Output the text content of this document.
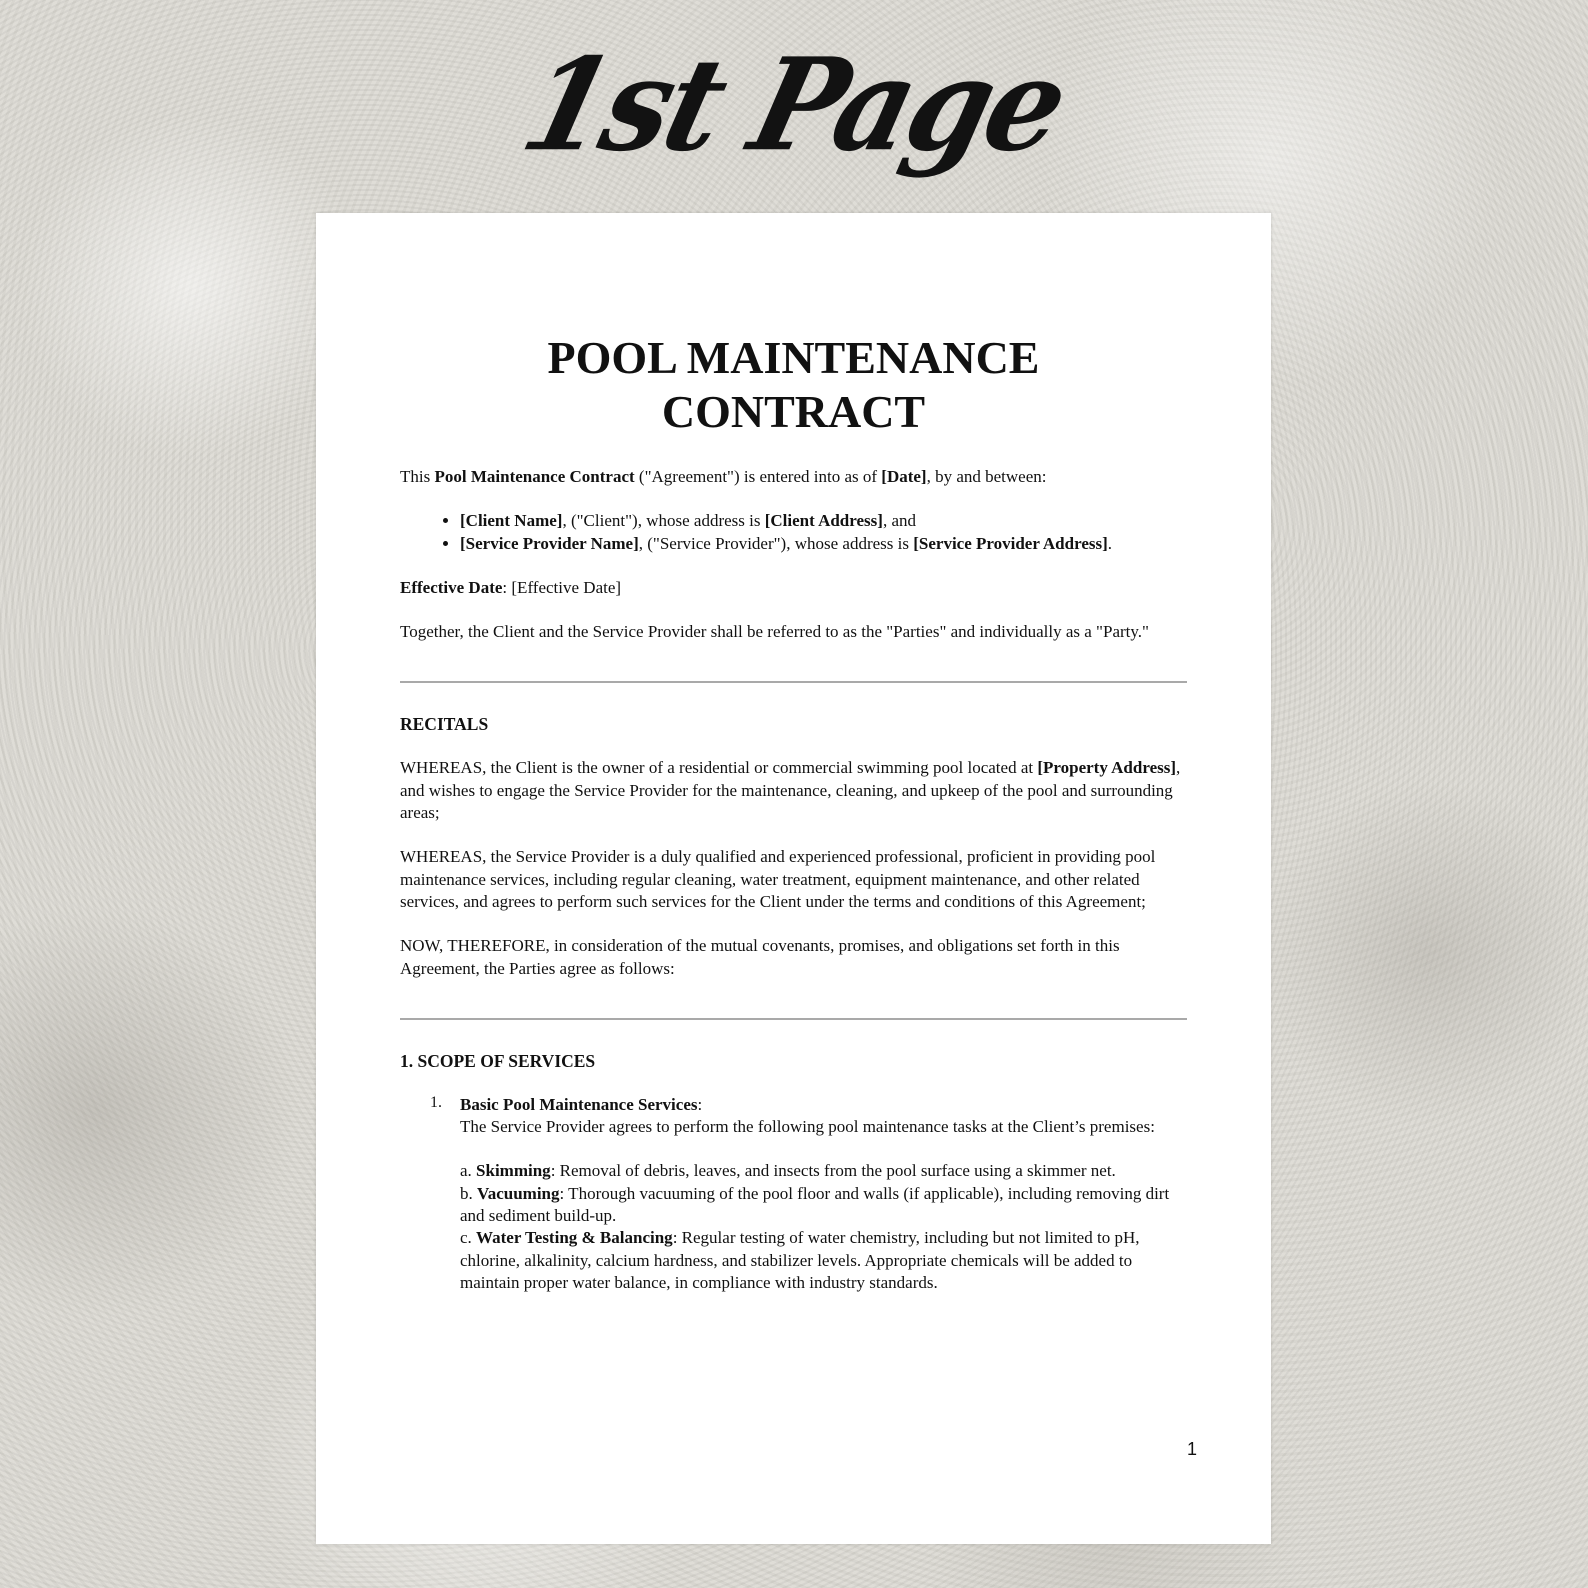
1st Page
POOL MAINTENANCE
CONTRACT

This Pool Maintenance Contract ("Agreement") is entered into as of [Date], by and between:

• [Client Name], ("Client"), whose address is [Client Address], and
• [Service Provider Name], ("Service Provider"), whose address is [Service Provider Address].

Effective Date: [Effective Date]

Together, the Client and the Service Provider shall be referred to as the "Parties" and individually as a "Party."

RECITALS

WHEREAS, the Client is the owner of a residential or commercial swimming pool located at [Property Address], and wishes to engage the Service Provider for the maintenance, cleaning, and upkeep of the pool and surrounding areas;

WHEREAS, the Service Provider is a duly qualified and experienced professional, proficient in providing pool maintenance services, including regular cleaning, water treatment, equipment maintenance, and other related services, and agrees to perform such services for the Client under the terms and conditions of this Agreement;

NOW, THEREFORE, in consideration of the mutual covenants, promises, and obligations set forth in this Agreement, the Parties agree as follows:

1. SCOPE OF SERVICES

1. Basic Pool Maintenance Services:

The Service Provider agrees to perform the following pool maintenance tasks at the Client’s premises:

a. Skimming: Removal of debris, leaves, and insects from the pool surface using a skimmer net.

b. Vacuuming: Thorough vacuuming of the pool floor and walls (if applicable), including removing dirt and sediment build-up.

c. Water Testing & Balancing: Regular testing of water chemistry, including but not limited to pH, chlorine, alkalinity, calcium hardness, and stabilizer levels. Appropriate chemicals will be added to maintain proper water balance, in compliance with industry standards.

1
